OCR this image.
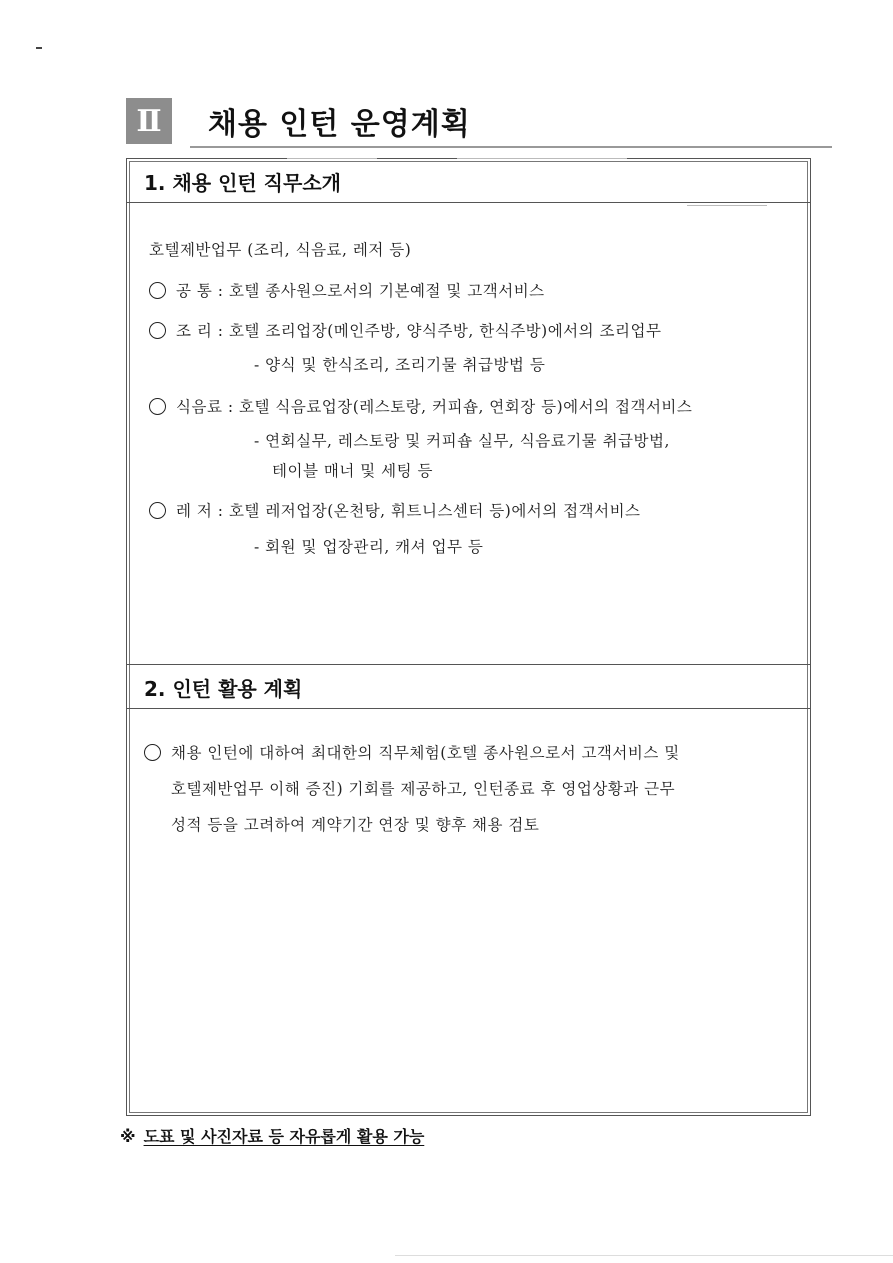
Ⅱ	채용 인턴 운영계획
1. 채용 인턴 직무소개
호텔제반업무 (조리, 식음료, 레저 등)
공 통 : 호텔 종사원으로서의 기본예절 및 고객서비스
조 리 : 호텔 조리업장(메인주방, 양식주방, 한식주방)에서의 조리업무
- 양식 및 한식조리, 조리기물 취급방법 등
식음료 : 호텔 식음료업장(레스토랑, 커피숍, 연회장 등)에서의 접객서비스
- 연회실무, 레스토랑 및 커피숍 실무, 식음료기물 취급방법,
테이블 매너 및 세팅 등
레 저 : 호텔 레저업장(온천탕, 휘트니스센터 등)에서의 접객서비스
- 회원 및 업장관리, 캐셔 업무 등
2. 인턴 활용 계획
채용 인턴에 대하여 최대한의 직무체험(호텔 종사원으로서 고객서비스 및
호텔제반업무 이해 증진) 기회를 제공하고, 인턴종료 후 영업상황과 근무
성적 등을 고려하여 계약기간 연장 및 향후 채용 검토
※ 도표 및 사진자료 등 자유롭게 활용 가능
